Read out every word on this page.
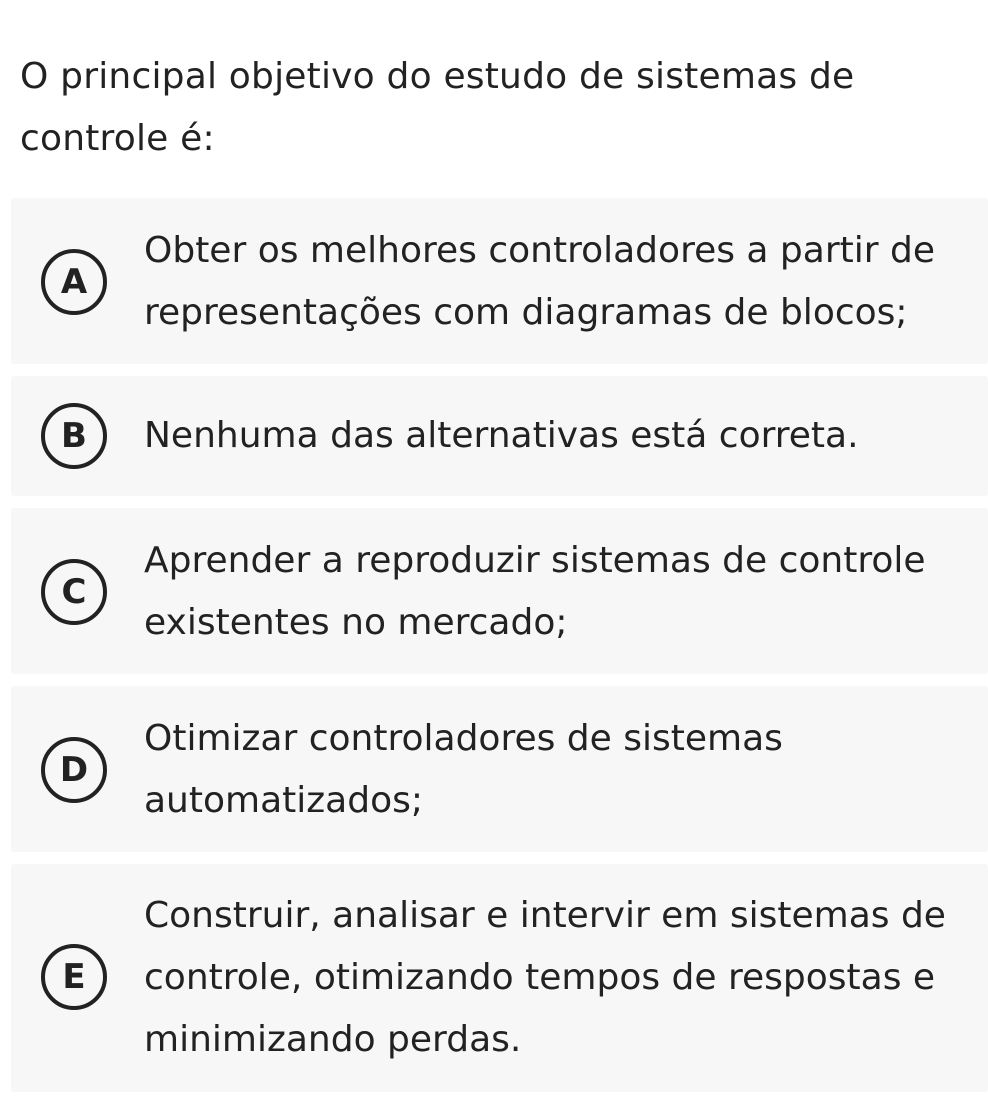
O principal objetivo do estudo de sistemas de controle é:
A
Obter os melhores controladores a partir de representações com diagramas de blocos;
B	Nenhuma das alternativas está correta.
C
Aprender a reproduzir sistemas de controle existentes no mercado;
D
Otimizar controladores de sistemas automatizados;
E
Construir, analisar e intervir em sistemas de controle, otimizando tempos de respostas e minimizando perdas.
